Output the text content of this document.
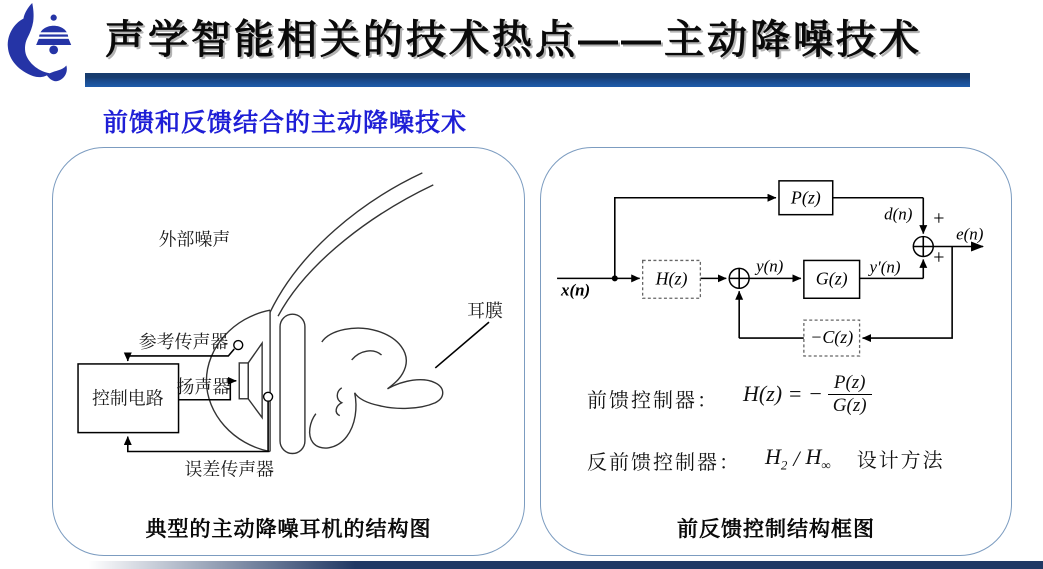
声学智能相关的技术热点——主动降噪技术
前馈和反馈结合的主动降噪技术
控制电路
外部噪声
耳膜
参考传声器
扬声器
误差传声器
典型的主动降噪耳机的结构图
P(z)
H(z)	G(z)
−C(z)
x(n)
y(n)	y′(n)
d(n)
e(n)
+
+
前馈控制器： H(z) = − $\frac{P(z)}{G(z)}$
反前馈控制器： $H_2 / H_\infty$ 设计方法
前反馈控制结构框图
